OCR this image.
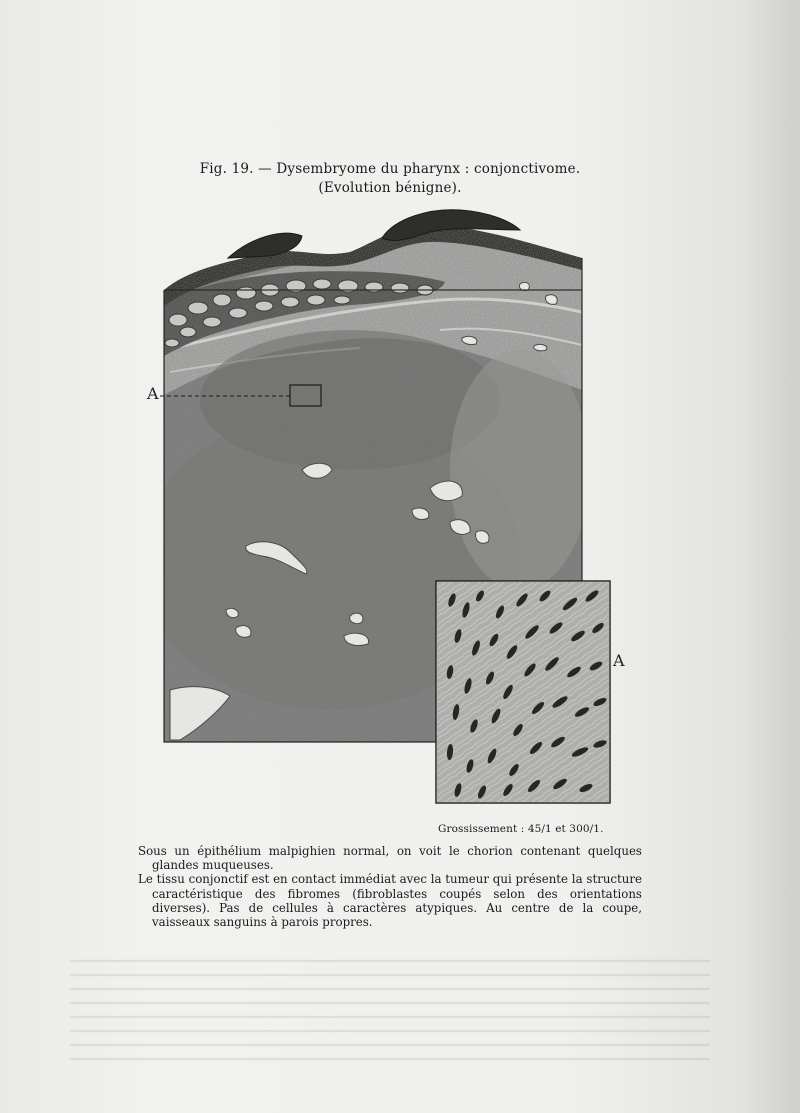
Fig. 19. — Dysembryome du pharynx : conjonctivome.
(Evolution bénigne).
A
A
Grossissement : 45/1 et 300/1.

Sous un épithélium malpighien normal, on voit le chorion contenant quelques glandes muqueuses.

Le tissu conjonctif est en contact immédiat avec la tumeur qui présente la structure caractéristique des fibromes (fibroblastes coupés selon des orientations diverses). Pas de cellules à caractères atypiques. Au centre de la coupe, vaisseaux sanguins à parois propres.
